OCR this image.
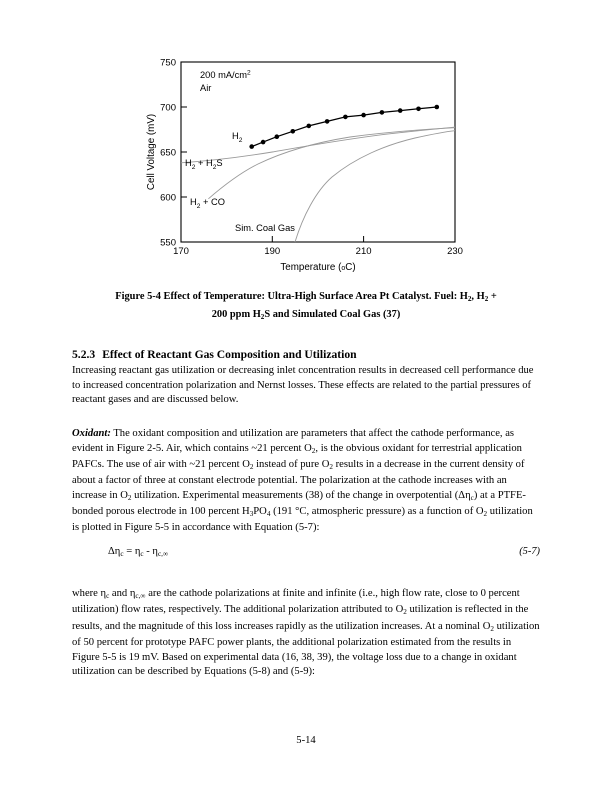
750
700
650
600
550
170	190	210	230
Temperature (oC)
Cell Voltage (mV)
200 $mA/cm^2$
Air
$H_2$
$H_2 + H_2S$
$H_2$ + CO
Sim. Coal Gas
Figure 5-4 Effect of Temperature: Ultra-High Surface Area Pt Catalyst. Fuel: $H_2$, $H_2$ +
200 ppm $H_2S$ and Simulated Coal Gas (37)
5.2.3 Effect of Reactant Gas Composition and Utilization
Increasing reactant gas utilization or decreasing inlet concentration results in decreased cell performance due to increased concentration polarization and Nernst losses. These effects are related to the partial pressures of reactant gases and are discussed below.
Oxidant: The oxidant composition and utilization are parameters that affect the cathode performance, as evident in Figure 2-5. Air, which contains ~21 percent $O_2$, is the obvious oxidant for terrestrial application PAFCs. The use of air with ~21 percent $O_2$ instead of pure $O_2$ results in a decrease in the current density of about a factor of three at constant electrode potential. The polarization at the cathode increases with an increase in $O_2$ utilization. Experimental measurements (38) of the change in overpotential $(\Delta\eta_c)$ at a PTFE-bonded porous electrode in 100 percent $H_3PO_4$ (191 °C, atmospheric pressure) as a function of $O_2$ utilization is plotted in Figure 5-5 in accordance with Equation (5-7):
$\Delta\eta_c = \eta_c - \eta_{c,\infty}$	(5-7)
where $\eta_c$ and $\eta_{c,\infty}$ are the cathode polarizations at finite and infinite (i.e., high flow rate, close to 0 percent utilization) flow rates, respectively. The additional polarization attributed to $O_2$ utilization is reflected in the results, and the magnitude of this loss increases rapidly as the utilization increases. At a nominal $O_2$ utilization of 50 percent for prototype PAFC power plants, the additional polarization estimated from the results in Figure 5-5 is 19 mV. Based on experimental data (16, 38, 39), the voltage loss due to a change in oxidant utilization can be described by Equations (5-8) and (5-9):
5-14
